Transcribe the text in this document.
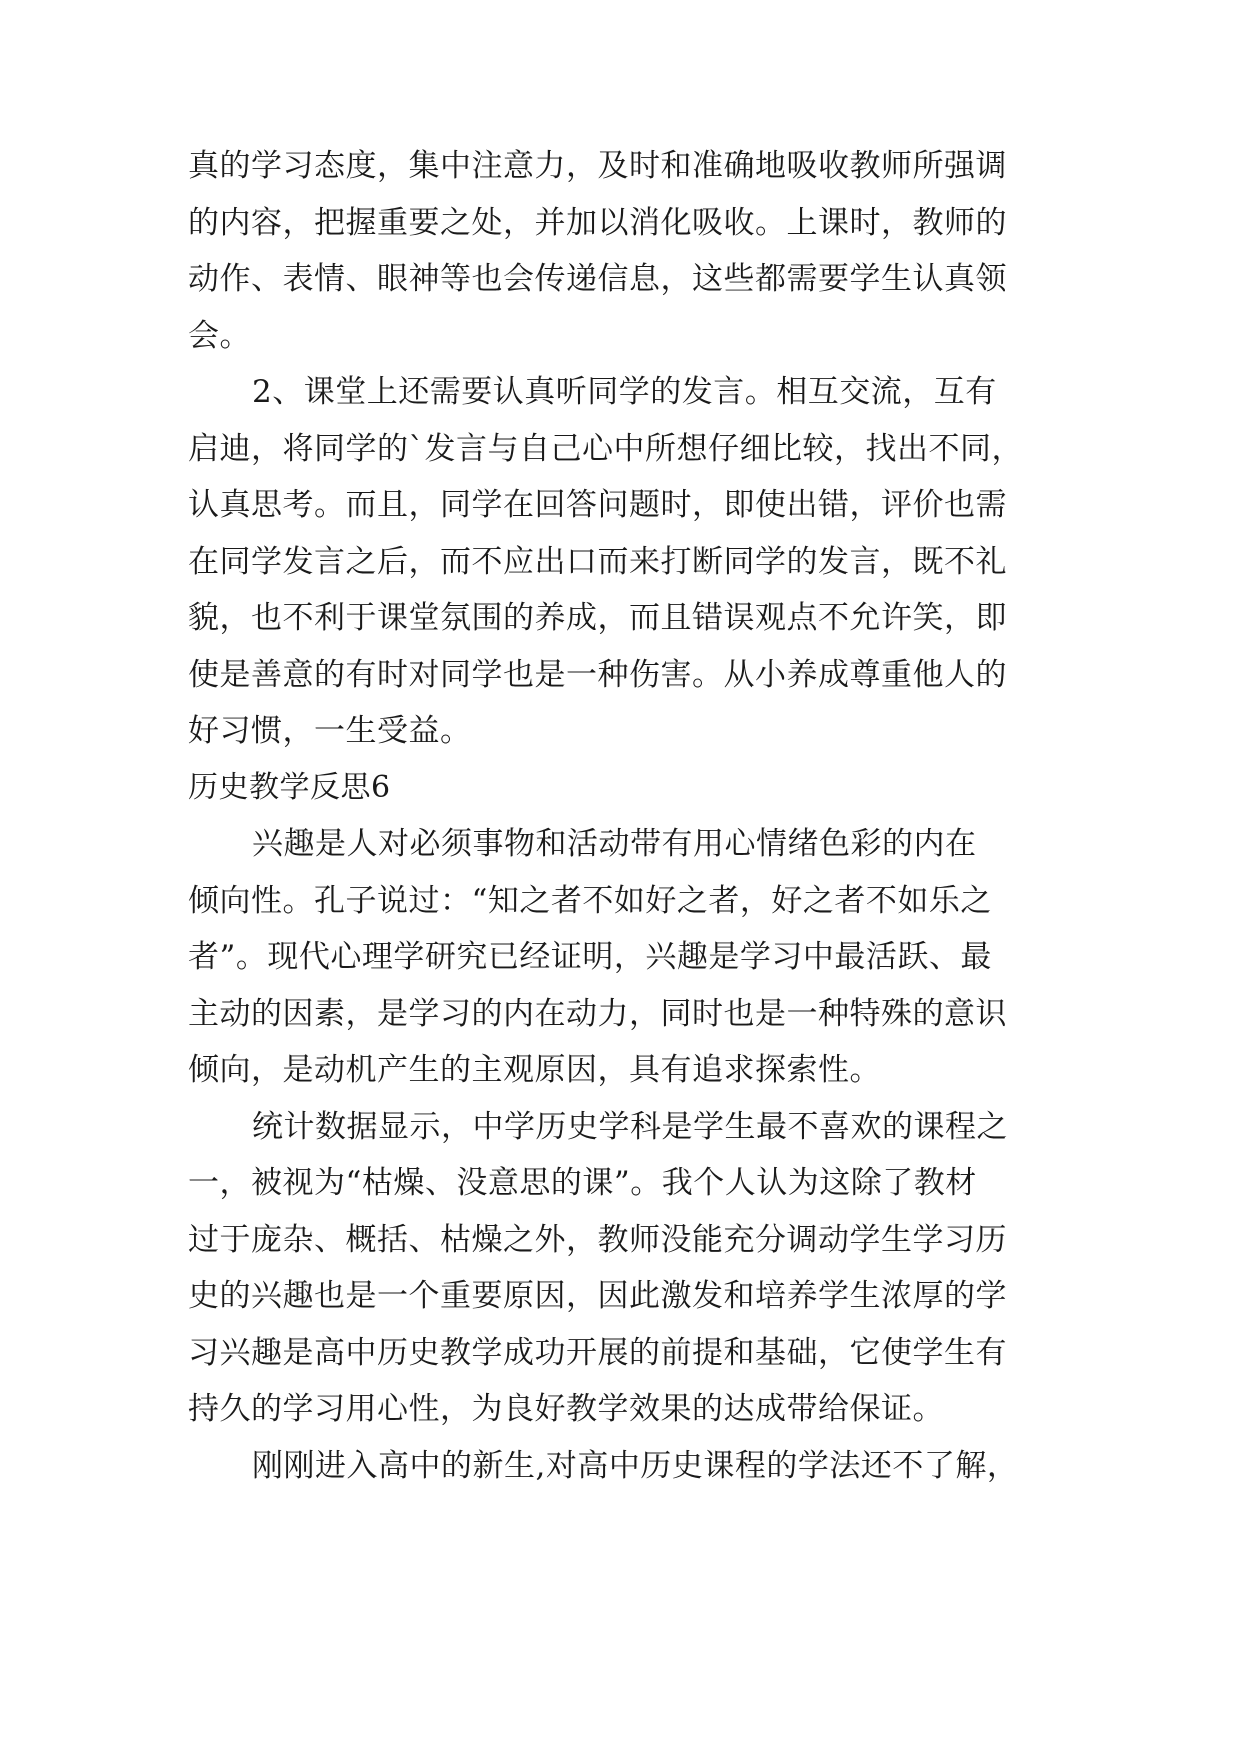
真的学习态度，集中注意力，及时和准确地吸收教师所强调
的内容，把握重要之处，并加以消化吸收。上课时，教师的
动作、表情、眼神等也会传递信息，这些都需要学生认真领
会。
2、课堂上还需要认真听同学的发言。相互交流，互有
启迪，将同学的`发言与自己心中所想仔细比较，找出不同，
认真思考。而且，同学在回答问题时，即使出错，评价也需
在同学发言之后，而不应出口而来打断同学的发言，既不礼
貌，也不利于课堂氛围的养成，而且错误观点不允许笑，即
使是善意的有时对同学也是一种伤害。从小养成尊重他人的
好习惯，一生受益。
历史教学反思6
兴趣是人对必须事物和活动带有用心情绪色彩的内在
倾向性。孔子说过：“知之者不如好之者，好之者不如乐之
者”。现代心理学研究已经证明，兴趣是学习中最活跃、最
主动的因素，是学习的内在动力，同时也是一种特殊的意识
倾向，是动机产生的主观原因，具有追求探索性。
统计数据显示，中学历史学科是学生最不喜欢的课程之
一，被视为“枯燥、没意思的课”。我个人认为这除了教材
过于庞杂、概括、枯燥之外，教师没能充分调动学生学习历
史的兴趣也是一个重要原因，因此激发和培养学生浓厚的学
习兴趣是高中历史教学成功开展的前提和基础，它使学生有
持久的学习用心性，为良好教学效果的达成带给保证。
刚刚进入高中的新生,对高中历史课程的学法还不了解，
